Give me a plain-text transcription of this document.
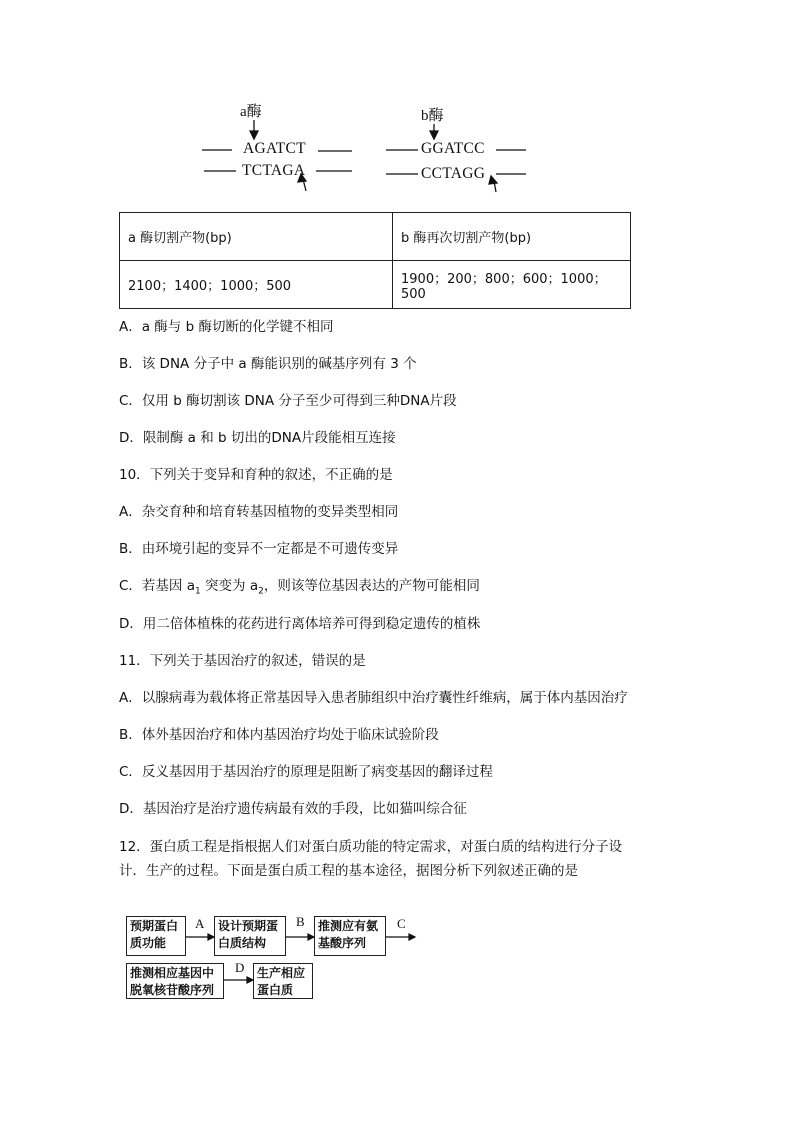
a酶	b酶
AGATCT
TCTAGA
GGATCC
CCTAGG
a 酶切割产物(bp)	b 酶再次切割产物(bp)
2100；1400；1000；500	1900；200；800；600；1000；500
A．a 酶与 b 酶切断的化学键不相同
B．该 DNA 分子中 a 酶能识别的碱基序列有 3 个
C．仅用 b 酶切割该 DNA 分子至少可得到三种DNA片段
D．限制酶 a 和 b 切出的DNA片段能相互连接
10．下列关于变异和育种的叙述，不正确的是
A．杂交育种和培育转基因植物的变异类型相同
B．由环境引起的变异不一定都是不可遗传变异
C．若基因 $a_1$ 突变为 $a_2$，则该等位基因表达的产物可能相同
D．用二倍体植株的花药进行离体培养可得到稳定遗传的植株
11．下列关于基因治疗的叙述，错误的是
A．以腺病毒为载体将正常基因导入患者肺组织中治疗囊性纤维病，属于体内基因治疗
B．体外基因治疗和体内基因治疗均处于临床试验阶段
C．反义基因用于基因治疗的原理是阻断了病变基因的翻译过程
D．基因治疗是治疗遗传病最有效的手段，比如猫叫综合征
12．蛋白质工程是指根据人们对蛋白质功能的特定需求，对蛋白质的结构进行分子设
计．生产的过程。下面是蛋白质工程的基本途径，据图分析下列叙述正确的是
预期蛋白
质功能
设计预期蛋
白质结构
推测应有氨
基酸序列
推测相应基因中
脱氧核苷酸序列
生产相应
蛋白质
A	B	C
D
